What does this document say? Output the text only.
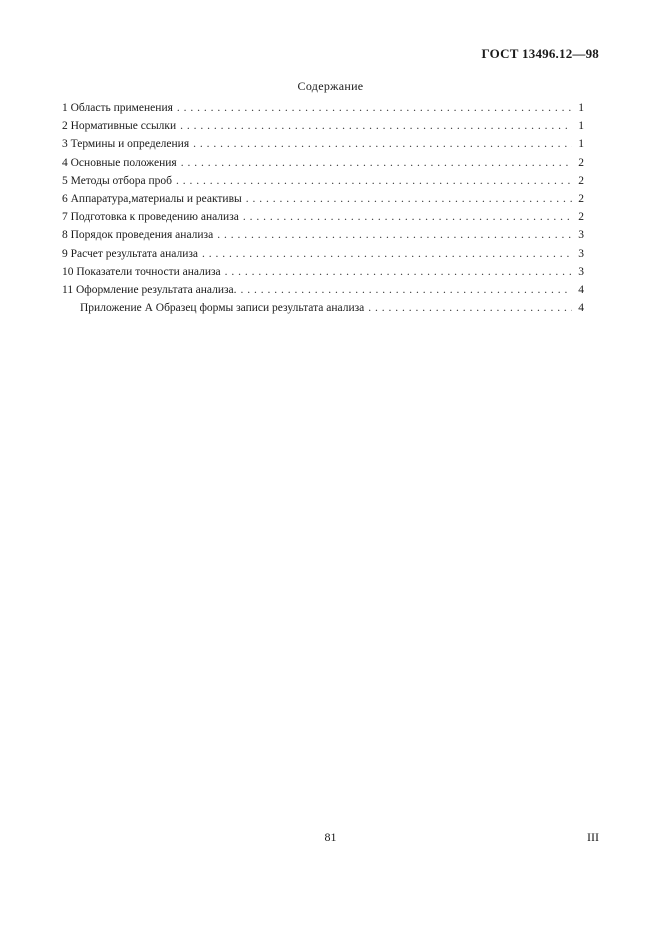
ГОСТ 13496.12—98
Содержание
1 Область применения . . .	1
2 Нормативные ссылки . . .	1
3 Термины и определения . . .	1
4 Основные положения . . .	2
5 Методы отбора проб . . .	2
6 Аппаратура,материалы и реактивы . . .	2
7 Подготовка к проведению анализа . . .	2
8 Порядок проведения анализа . . .	3
9 Расчет результата анализа . . .	3
10 Показатели точности анализа . . .	3
11 Оформление результата анализа. . . .	4
Приложение А Образец формы записи результата анализа . . .	4
81	III
